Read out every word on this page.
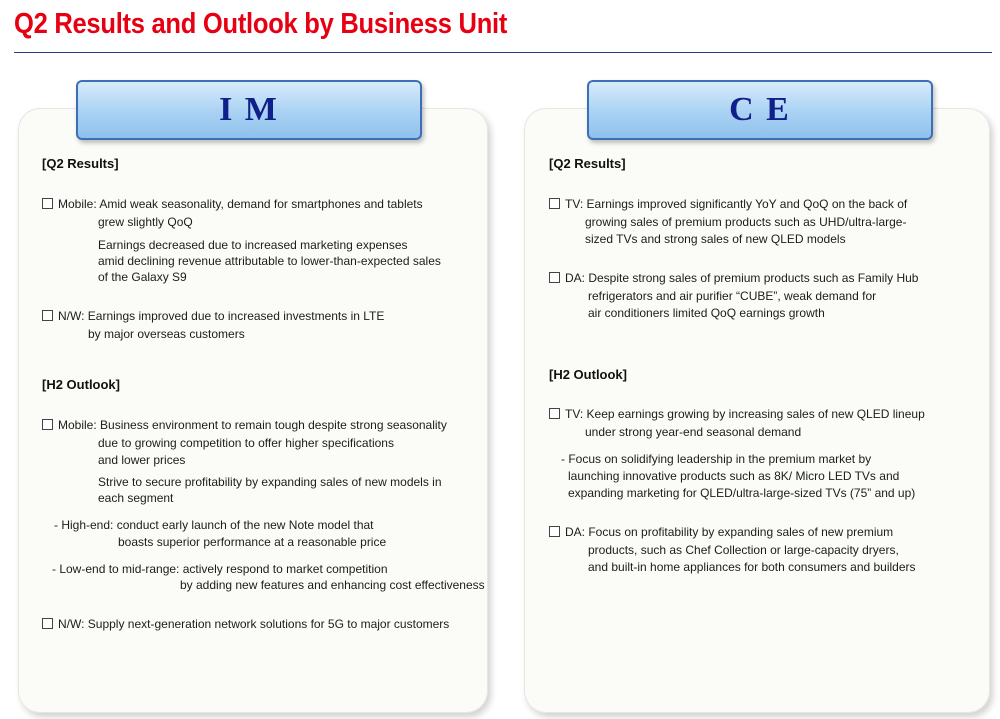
Q2 Results and Outlook by Business Unit
I M
[Q2 Results]
Mobile: Amid weak seasonality, demand for smartphones and tablets
grew slightly QoQ
Earnings decreased due to increased marketing expenses
amid declining revenue attributable to lower-than-expected sales
of the Galaxy S9
N/W: Earnings improved due to increased investments in LTE
by major overseas customers
[H2 Outlook]
Mobile: Business environment to remain tough despite strong seasonality
due to growing competition to offer higher specifications
and lower prices
Strive to secure profitability by expanding sales of new models in
each segment
- High-end: conduct early launch of the new Note model that
boasts superior performance at a reasonable price
- Low-end to mid-range: actively respond to market competition
by adding new features and enhancing cost effectiveness
N/W: Supply next-generation network solutions for 5G to major customers
C E
[Q2 Results]
TV: Earnings improved significantly YoY and QoQ on the back of
growing sales of premium products such as UHD/ultra-large-
sized TVs and strong sales of new QLED models
DA: Despite strong sales of premium products such as Family Hub
refrigerators and air purifier “CUBE”, weak demand for
air conditioners limited QoQ earnings growth
[H2 Outlook]
TV: Keep earnings growing by increasing sales of new QLED lineup
under strong year-end seasonal demand
- Focus on solidifying leadership in the premium market by
launching innovative products such as 8K/ Micro LED TVs and
expanding marketing for QLED/ultra-large-sized TVs (75” and up)
DA: Focus on profitability by expanding sales of new premium
products, such as Chef Collection or large-capacity dryers,
and built-in home appliances for both consumers and builders
